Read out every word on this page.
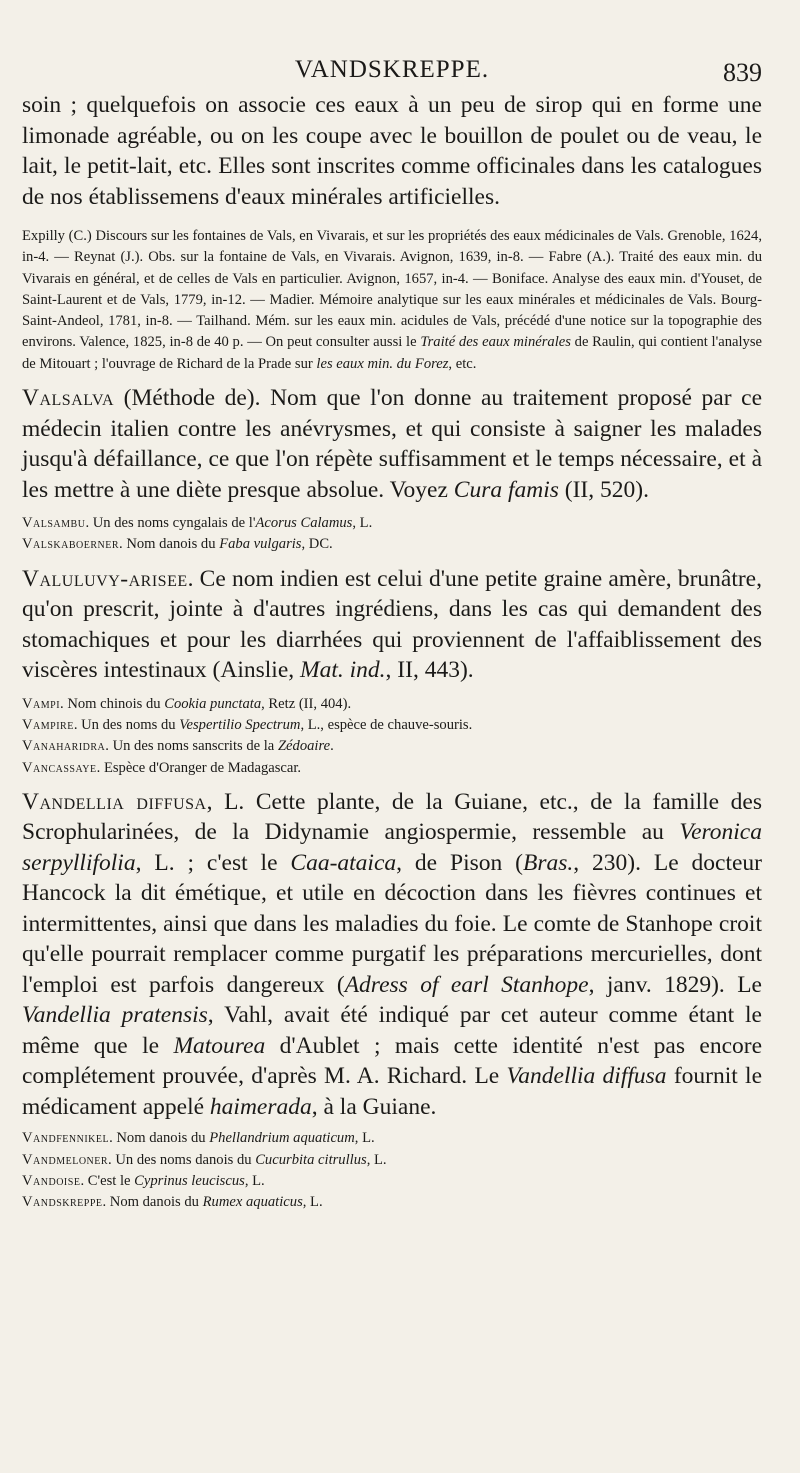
VANDSKREPPE.	839

soin ; quelquefois on associe ces eaux à un peu de sirop qui en forme une limonade agréable, ou on les coupe avec le bouillon de poulet ou de veau, le lait, le petit-lait, etc. Elles sont inscrites comme officinales dans les catalogues de nos établissemens d'eaux minérales artificielles.

Expilly (C.) Discours sur les fontaines de Vals, en Vivarais, et sur les propriétés des eaux médicinales de Vals. Grenoble, 1624, in-4. — Reynat (J.). Obs. sur la fontaine de Vals, en Vivarais. Avignon, 1639, in-8. — Fabre (A.). Traité des eaux min. du Vivarais en général, et de celles de Vals en particulier. Avignon, 1657, in-4. — Boniface. Analyse des eaux min. d'Youset, de Saint-Laurent et de Vals, 1779, in-12. — Madier. Mémoire analytique sur les eaux minérales et médicinales de Vals. Bourg-Saint-Andeol, 1781, in-8. — Tailhand. Mém. sur les eaux min. acidules de Vals, précédé d'une notice sur la topographie des environs. Valence, 1825, in-8 de 40 p. — On peut consulter aussi le Traité des eaux minérales de Raulin, qui contient l'analyse de Mitouart ; l'ouvrage de Richard de la Prade sur les eaux min. du Forez, etc.

Valsalva (Méthode de). Nom que l'on donne au traitement proposé par ce médecin italien contre les anévrysmes, et qui consiste à saigner les malades jusqu'à défaillance, ce que l'on répète suffisamment et le temps nécessaire, et à les mettre à une diète presque absolue. Voyez Cura famis (II, 520).

Valsambu. Un des noms cyngalais de l'Acorus Calamus, L.

Valskaboerner. Nom danois du Faba vulgaris, DC.

Valuluvy-arisee. Ce nom indien est celui d'une petite graine amère, brunâtre, qu'on prescrit, jointe à d'autres ingrédiens, dans les cas qui demandent des stomachiques et pour les diarrhées qui proviennent de l'affaiblissement des viscères intestinaux (Ainslie, Mat. ind., II, 443).

Vampi. Nom chinois du Cookia punctata, Retz (II, 404).

Vampire. Un des noms du Vespertilio Spectrum, L., espèce de chauve-souris.

Vanaharidra. Un des noms sanscrits de la Zédoaire.

Vancassaye. Espèce d'Oranger de Madagascar.

Vandellia diffusa, L. Cette plante, de la Guiane, etc., de la famille des Scrophularinées, de la Didynamie angiospermie, ressemble au Veronica serpyllifolia, L. ; c'est le Caa-ataica, de Pison (Bras., 230). Le docteur Hancock la dit émétique, et utile en décoction dans les fièvres continues et intermittentes, ainsi que dans les maladies du foie. Le comte de Stanhope croit qu'elle pourrait remplacer comme purgatif les préparations mercurielles, dont l'emploi est parfois dangereux (Adress of earl Stanhope, janv. 1829). Le Vandellia pratensis, Vahl, avait été indiqué par cet auteur comme étant le même que le Matourea d'Aublet ; mais cette identité n'est pas encore complétement prouvée, d'après M. A. Richard. Le Vandellia diffusa fournit le médicament appelé haimerada, à la Guiane.

Vandfennikel. Nom danois du Phellandrium aquaticum, L.

Vandmeloner. Un des noms danois du Cucurbita citrullus, L.

Vandoise. C'est le Cyprinus leuciscus, L.

Vandskreppe. Nom danois du Rumex aquaticus, L.
